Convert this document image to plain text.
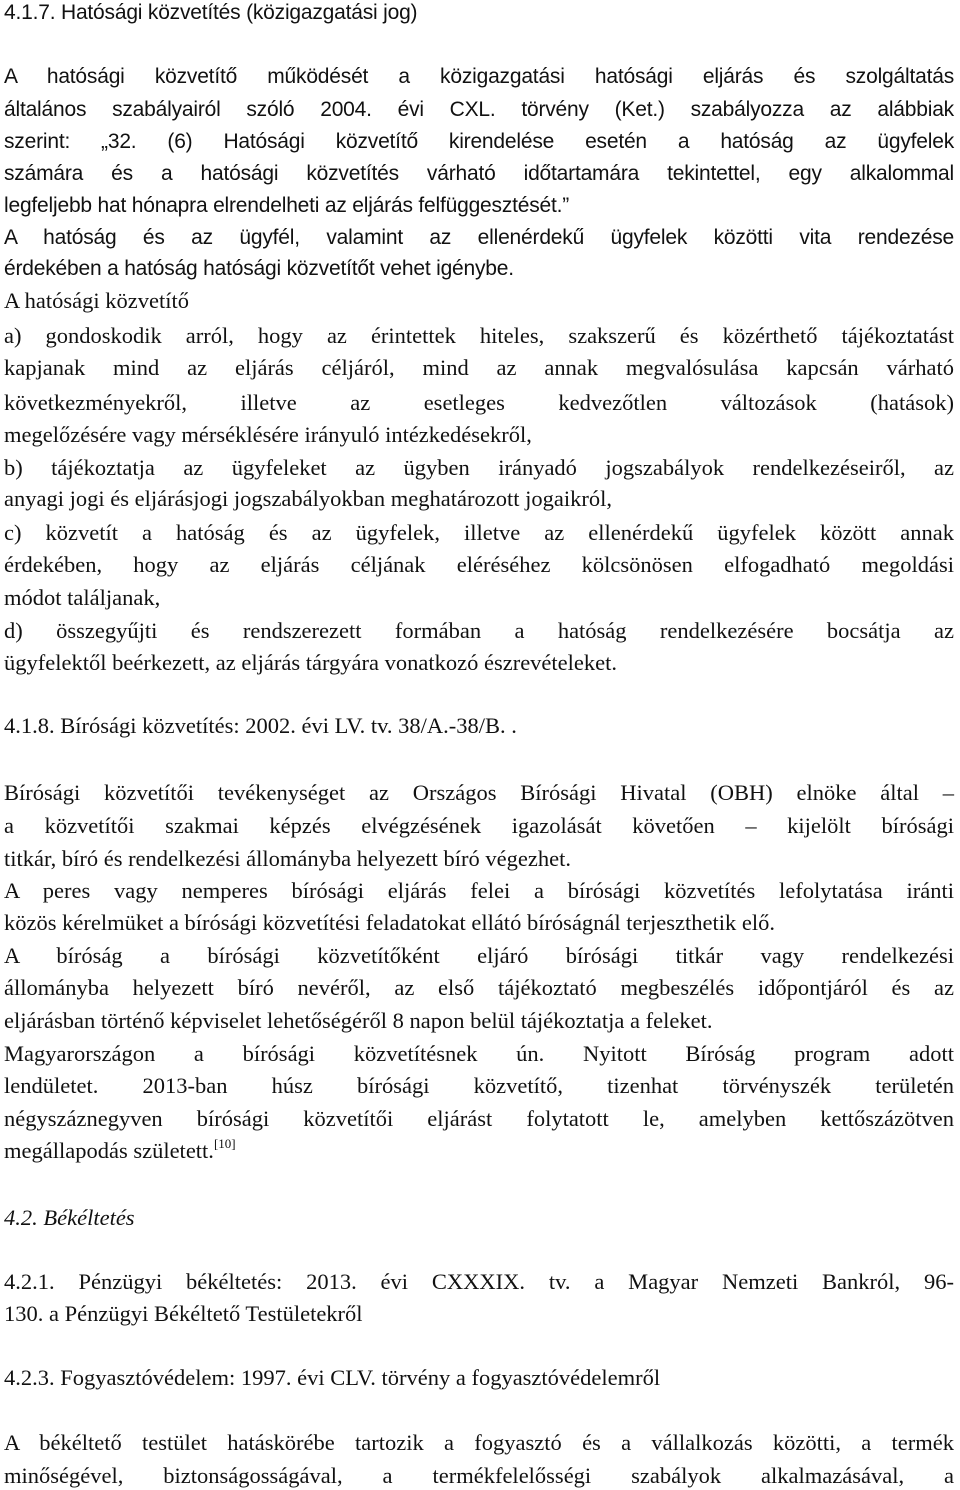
4.1.7. Hatósági közvetítés (közigazgatási jog)
A hatósági közvetítő működését a közigazgatási hatósági eljárás és szolgáltatás
általános szabályairól szóló 2004. évi CXL. törvény (Ket.) szabályozza az alábbiak
szerint: „32. (6) Hatósági közvetítő kirendelése esetén a hatóság az ügyfelek
számára és a hatósági közvetítés várható időtartamára tekintettel, egy alkalommal
legfeljebb hat hónapra elrendelheti az eljárás felfüggesztését.”
A hatóság és az ügyfél, valamint az ellenérdekű ügyfelek közötti vita rendezése
érdekében a hatóság hatósági közvetítőt vehet igénybe.
A hatósági közvetítő
a) gondoskodik arról, hogy az érintettek hiteles, szakszerű és közérthető tájékoztatást
kapjanak mind az eljárás céljáról, mind az annak megvalósulása kapcsán várható
következményekről, illetve az esetleges kedvezőtlen változások (hatások)
megelőzésére vagy mérséklésére irányuló intézkedésekről,
b) tájékoztatja az ügyfeleket az ügyben irányadó jogszabályok rendelkezéseiről, az
anyagi jogi és eljárásjogi jogszabályokban meghatározott jogaikról,
c) közvetít a hatóság és az ügyfelek, illetve az ellenérdekű ügyfelek között annak
érdekében, hogy az eljárás céljának eléréséhez kölcsönösen elfogadható megoldási
módot találjanak,
d) összegyűjti és rendszerezett formában a hatóság rendelkezésére bocsátja az
ügyfelektől beérkezett, az eljárás tárgyára vonatkozó észrevételeket.
4.1.8. Bírósági közvetítés: 2002. évi LV. tv. 38/A.-38/B. .
Bírósági közvetítői tevékenységet az Országos Bírósági Hivatal (OBH) elnöke által –
a közvetítői szakmai képzés elvégzésének igazolását követően – kijelölt bírósági
titkár, bíró és rendelkezési állományba helyezett bíró végezhet.
A peres vagy nemperes bírósági eljárás felei a bírósági közvetítés lefolytatása iránti
közös kérelmüket a bírósági közvetítési feladatokat ellátó bíróságnál terjeszthetik elő.
A bíróság a bírósági közvetítőként eljáró bírósági titkár vagy rendelkezési
állományba helyezett bíró nevéről, az első tájékoztató megbeszélés időpontjáról és az
eljárásban történő képviselet lehetőségéről 8 napon belül tájékoztatja a feleket.
Magyarországon a bírósági közvetítésnek ún. Nyitott Bíróság program adott
lendületet. 2013-ban húsz bírósági közvetítő, tizenhat törvényszék területén
négyszáznegyven bírósági közvetítői eljárást folytatott le, amelyben kettőszázötven
megállapodás született.[10]
4.2. Békéltetés
4.2.1. Pénzügyi békéltetés: 2013. évi CXXXIX. tv. a Magyar Nemzeti Bankról, 96-
130. a Pénzügyi Békéltető Testületekről
4.2.3. Fogyasztóvédelem: 1997. évi CLV. törvény a fogyasztóvédelemről
A békéltető testület hatáskörébe tartozik a fogyasztó és a vállalkozás közötti, a termék
minőségével, biztonságosságával, a termékfelelősségi szabályok alkalmazásával, a
